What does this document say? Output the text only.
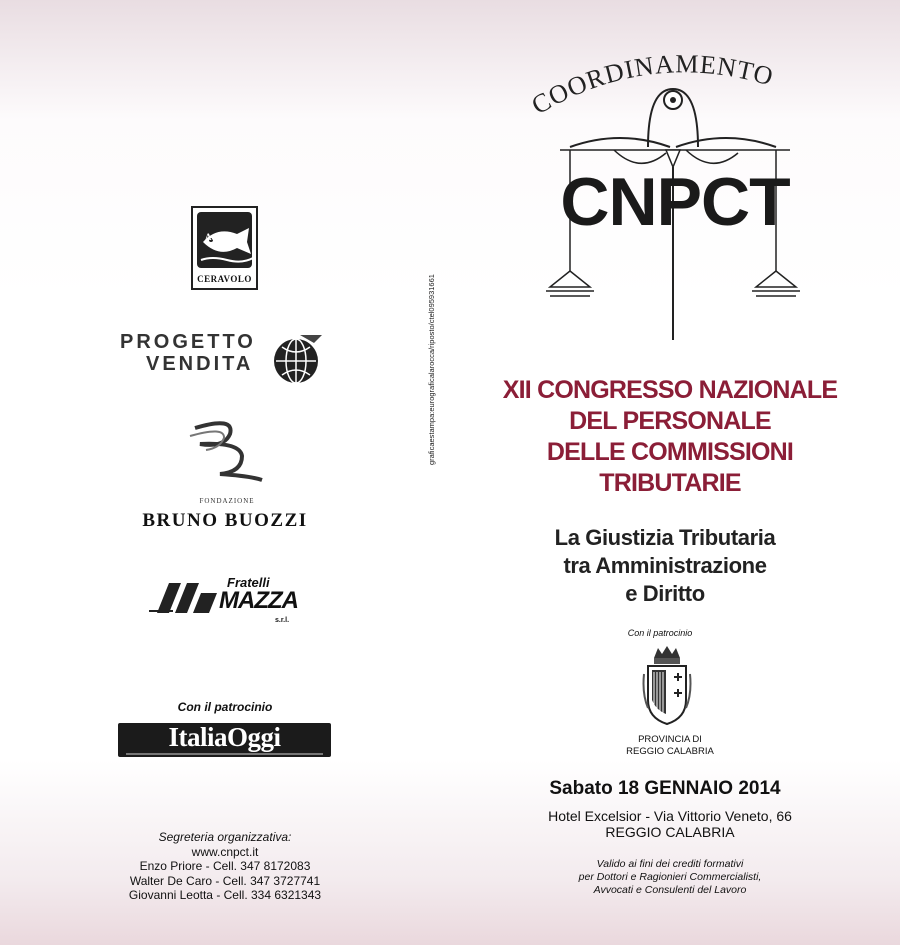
Aceituno
CERAVOLO
PROGETTO
VENDITA
FONDAZIONE
BRUNO BUOZZI
Fratelli
MAZZA
s.r.l.
Con il patrocinio
ItaliaOggi
Segreteria organizzativa:
www.cnpct.it
Enzo Priore - Cell. 347 8172083
Walter De Caro - Cell. 347 3727741
Giovanni Leotta - Cell. 334 6321343
graficaestampa:eurograficalarocca/riposto/ctel095931661
COORDINAMENTO
CNPCT
XII CONGRESSO NAZIONALE
DEL PERSONALE
DELLE COMMISSIONI
TRIBUTARIE
La Giustizia Tributaria
tra Amministrazione
e Diritto
Con il patrocinio
PROVINCIA DI
REGGIO CALABRIA
Sabato 18 GENNAIO 2014
Hotel Excelsior - Via Vittorio Veneto, 66
REGGIO CALABRIA
Valido ai fini dei crediti formativi
per Dottori e Ragionieri Commercialisti,
Avvocati e Consulenti del Lavoro
